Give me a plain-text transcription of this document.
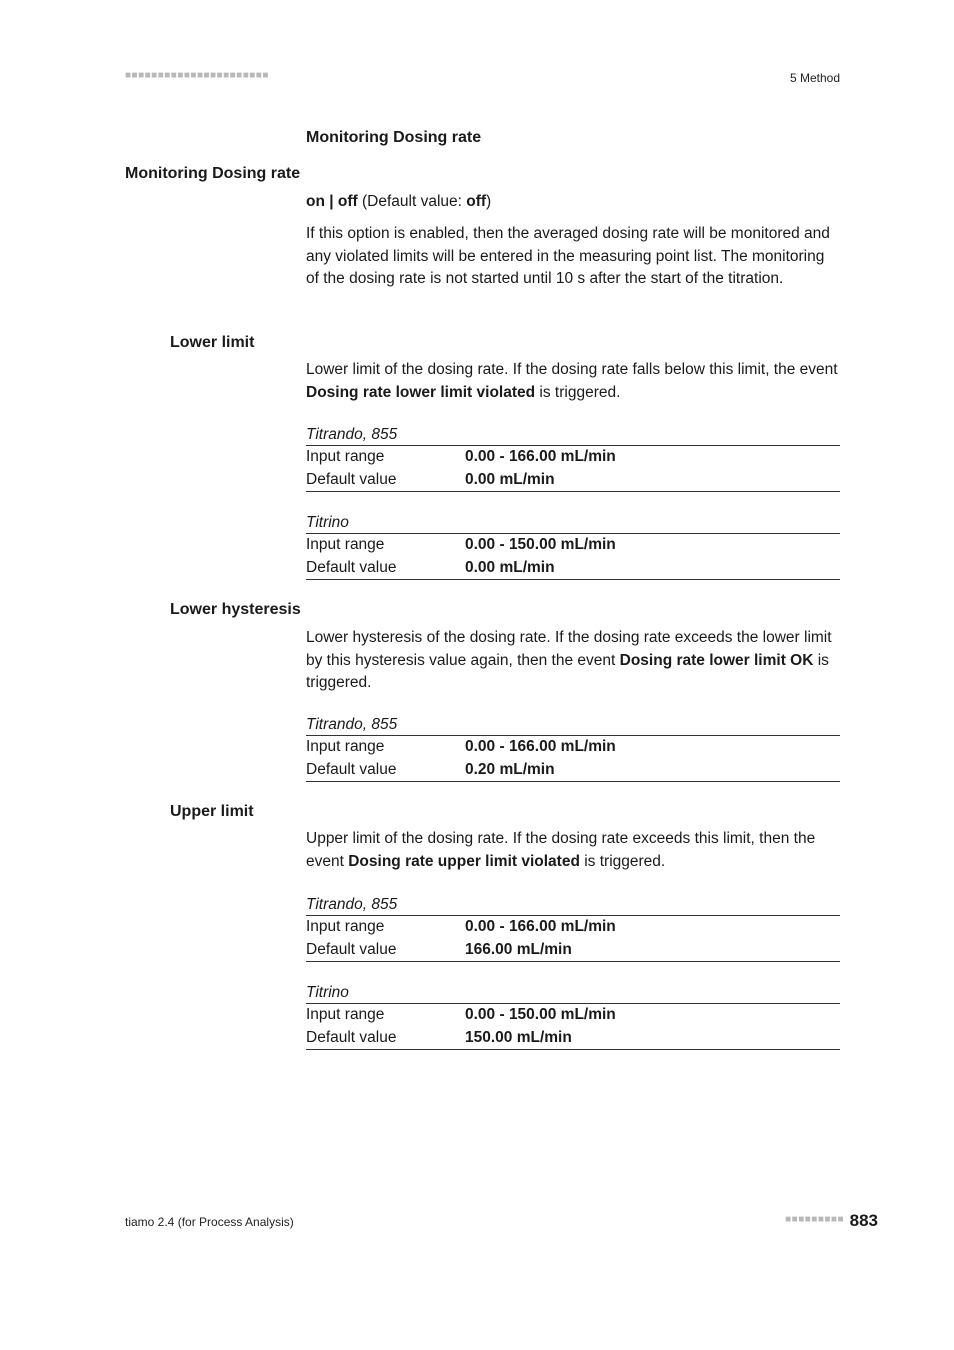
■■■■■■■■■■■■■■■■■■■■■■	5 Method
Monitoring Dosing rate
Monitoring Dosing rate
on | off (Default value: off)

If this option is enabled, then the averaged dosing rate will be monitored and any violated limits will be entered in the measuring point list. The monitoring of the dosing rate is not started until 10 s after the start of the titration.

Lower limit

Lower limit of the dosing rate. If the dosing rate falls below this limit, the event Dosing rate lower limit violated is triggered.

Titrando, 855
Input range	0.00 - 166.00 mL/min
Default value	0.00 mL/min
Titrino
Input range	0.00 - 150.00 mL/min
Default value	0.00 mL/min
Lower hysteresis

Lower hysteresis of the dosing rate. If the dosing rate exceeds the lower limit by this hysteresis value again, then the event Dosing rate lower limit OK is triggered.

Titrando, 855
Input range	0.00 - 166.00 mL/min
Default value	0.20 mL/min
Upper limit

Upper limit of the dosing rate. If the dosing rate exceeds this limit, then the event Dosing rate upper limit violated is triggered.

Titrando, 855
Input range	0.00 - 166.00 mL/min
Default value	166.00 mL/min
Titrino
Input range	0.00 - 150.00 mL/min
Default value	150.00 mL/min
tiamo 2.4 (for Process Analysis)	■■■■■■■■■ 883
